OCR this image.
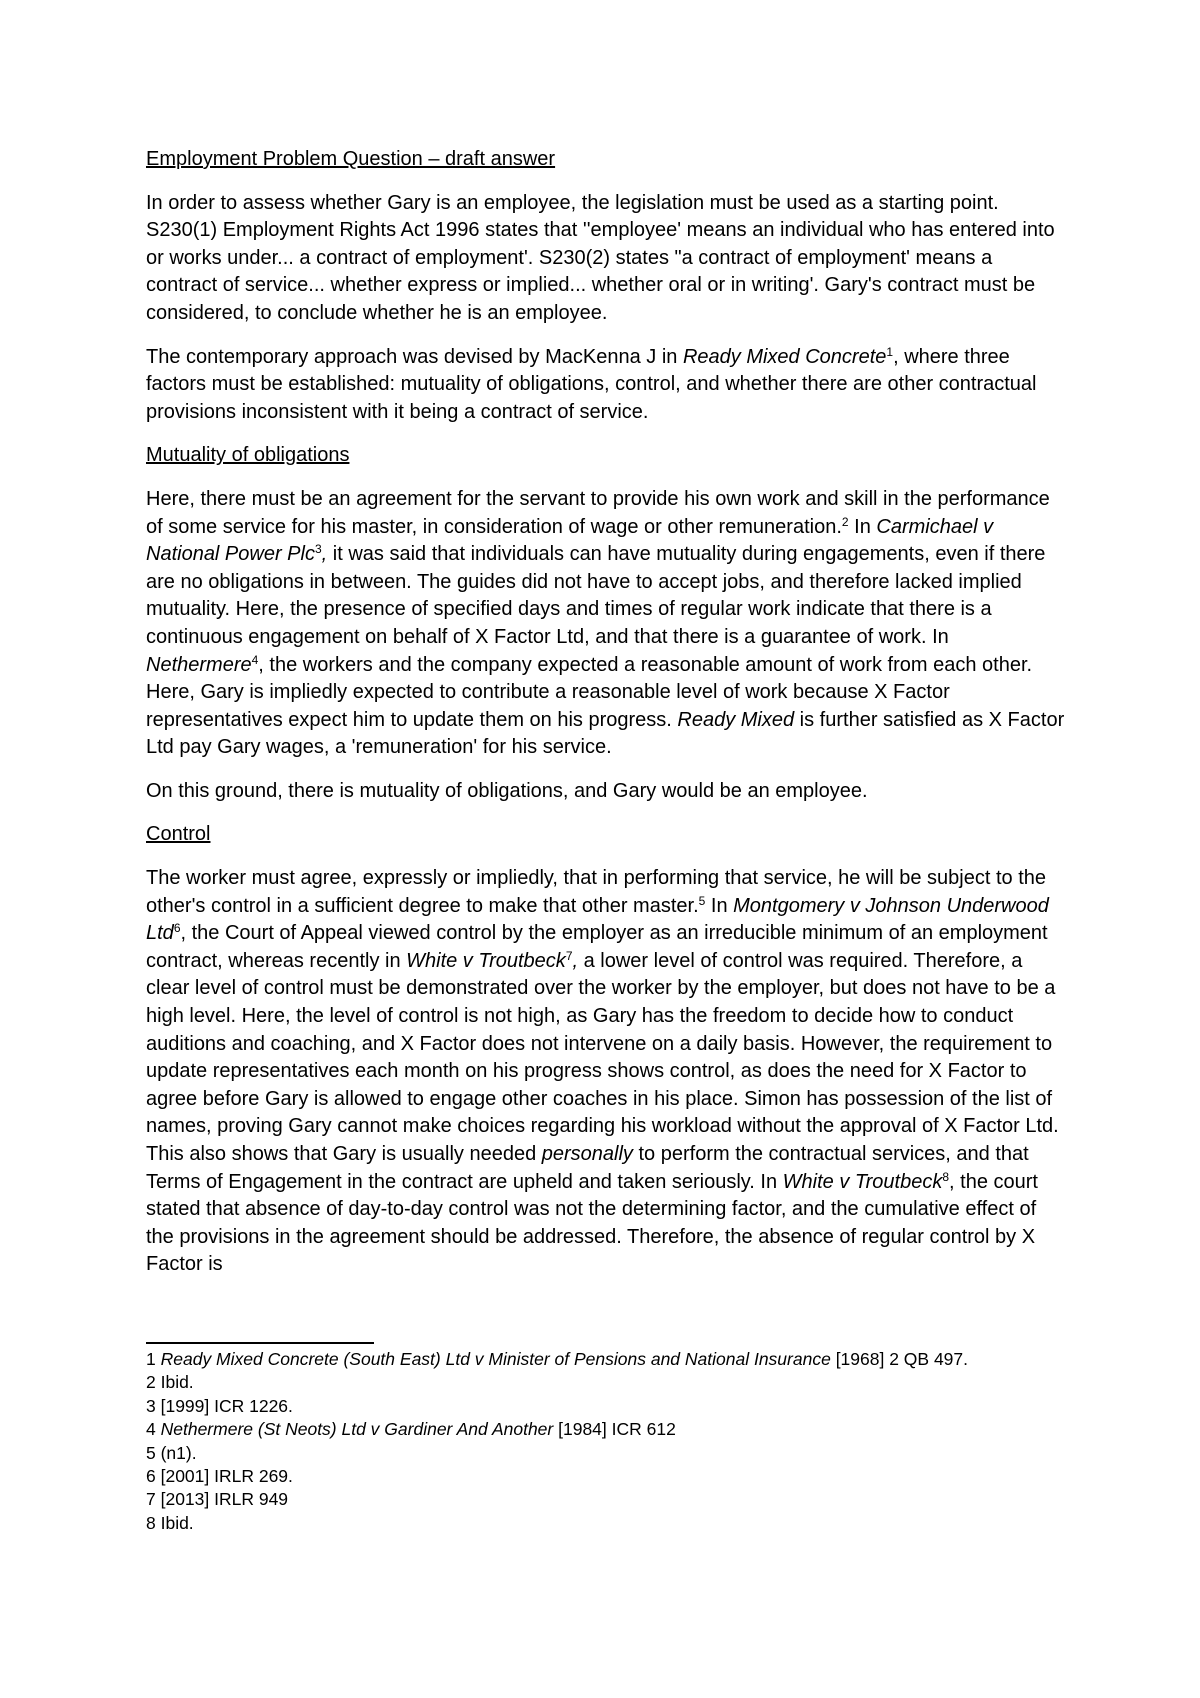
Employment Problem Question – draft answer

In order to assess whether Gary is an employee, the legislation must be used as a starting point. S230(1) Employment Rights Act 1996 states that ''employee' means an individual who has entered into or works under... a contract of employment'. S230(2) states "a contract of employment' means a contract of service... whether express or implied... whether oral or in writing'. Gary's contract must be considered, to conclude whether he is an employee.

The contemporary approach was devised by MacKenna J in Ready Mixed Concrete$^1$, where three factors must be established: mutuality of obligations, control, and whether there are other contractual provisions inconsistent with it being a contract of service.

Mutuality of obligations

Here, there must be an agreement for the servant to provide his own work and skill in the performance of some service for his master, in consideration of wage or other remuneration.$^2$ In Carmichael v National Power Plc$^3$, it was said that individuals can have mutuality during engagements, even if there are no obligations in between. The guides did not have to accept jobs, and therefore lacked implied mutuality. Here, the presence of specified days and times of regular work indicate that there is a continuous engagement on behalf of X Factor Ltd, and that there is a guarantee of work. In Nethermere$^4$, the workers and the company expected a reasonable amount of work from each other. Here, Gary is impliedly expected to contribute a reasonable level of work because X Factor representatives expect him to update them on his progress. Ready Mixed is further satisfied as X Factor Ltd pay Gary wages, a 'remuneration' for his service.

On this ground, there is mutuality of obligations, and Gary would be an employee.

Control

The worker must agree, expressly or impliedly, that in performing that service, he will be subject to the other's control in a sufficient degree to make that other master.$^5$ In Montgomery v Johnson Underwood Ltd$^6$, the Court of Appeal viewed control by the employer as an irreducible minimum of an employment contract, whereas recently in White v Troutbeck$^7$, a lower level of control was required. Therefore, a clear level of control must be demonstrated over the worker by the employer, but does not have to be a high level. Here, the level of control is not high, as Gary has the freedom to decide how to conduct auditions and coaching, and X Factor does not intervene on a daily basis. However, the requirement to update representatives each month on his progress shows control, as does the need for X Factor to agree before Gary is allowed to engage other coaches in his place. Simon has possession of the list of names, proving Gary cannot make choices regarding his workload without the approval of X Factor Ltd. This also shows that Gary is usually needed personally to perform the contractual services, and that Terms of Engagement in the contract are upheld and taken seriously. In White v Troutbeck$^8$, the court stated that absence of day-to-day control was not the determining factor, and the cumulative effect of the provisions in the agreement should be addressed. Therefore, the absence of regular control by X Factor is

1 Ready Mixed Concrete (South East) Ltd v Minister of Pensions and National Insurance [1968] 2 QB 497.

2 Ibid.

3 [1999] ICR 1226.

4 Nethermere (St Neots) Ltd v Gardiner And Another [1984] ICR 612

5 (n1).

6 [2001] IRLR 269.

7 [2013] IRLR 949

8 Ibid.
